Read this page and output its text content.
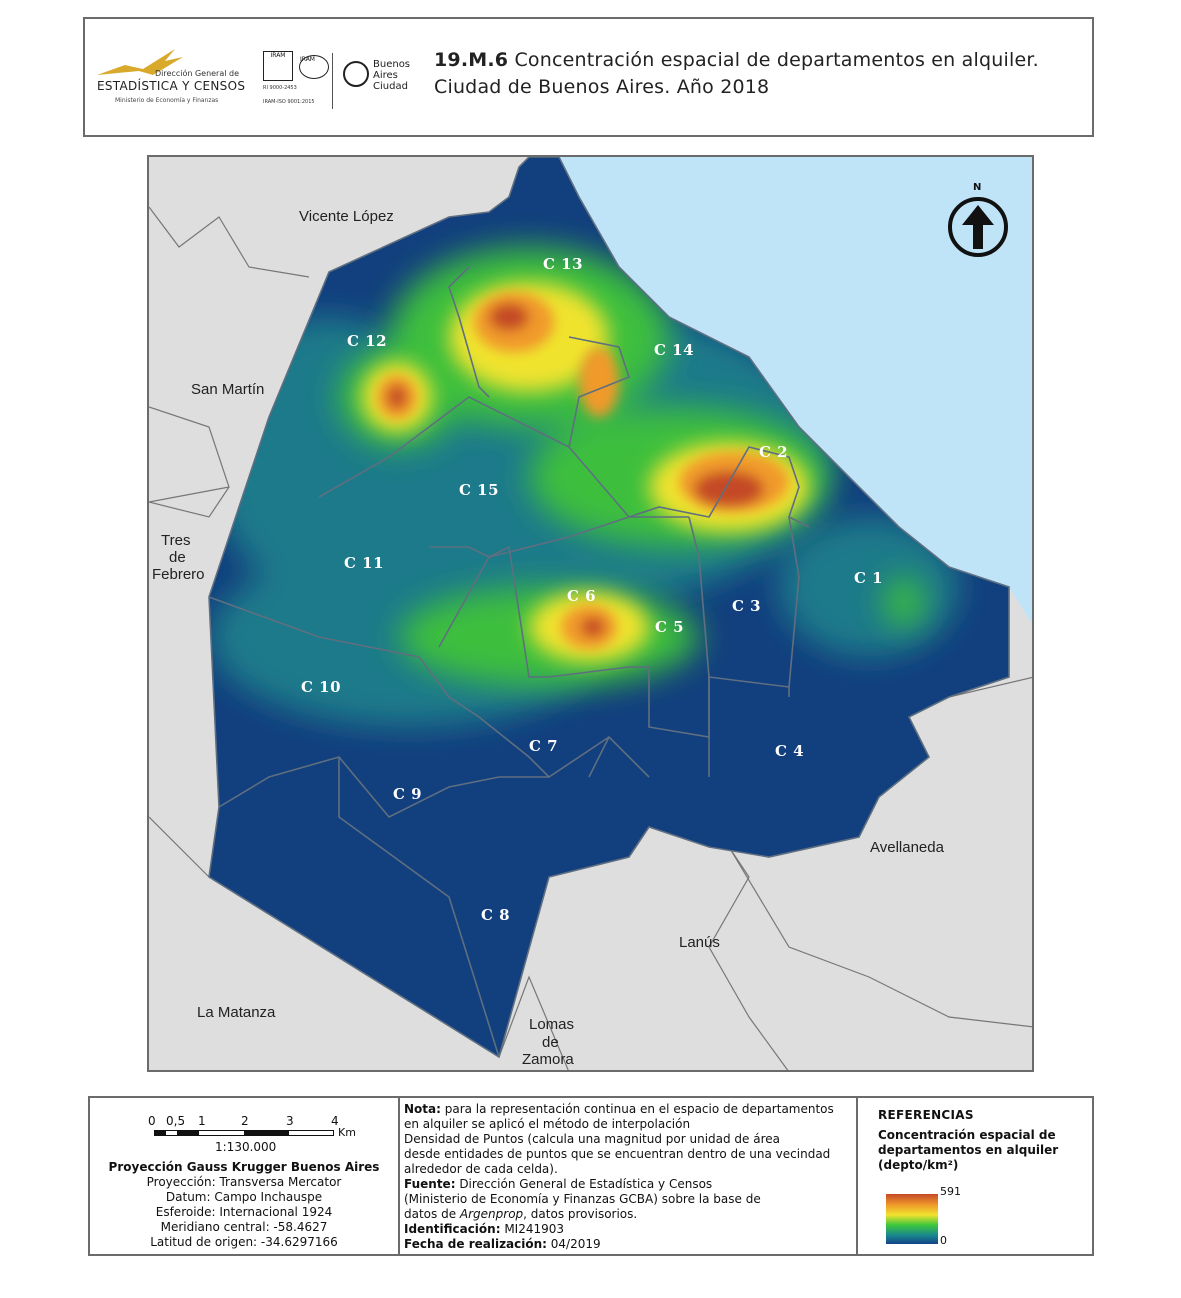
Dirección General de
ESTADÍSTICA Y CENSOS
Ministerio de Economía y Finanzas
IRAM
IRAM
RI 9000-2453
IRAM-ISO 9001:2015
Buenos
Aires
Ciudad
19.M.6 Concentración espacial de departamentos en alquiler.
Ciudad de Buenos Aires. Año 2018
Vicente López
San Martín
Tres
de
Febrero
La Matanza
Lomas
de
Zamora
Lanús
Avellaneda
C 1
C 2
C 3
C 4
C 5
C 6
C 7
C 8
C 9
C 10
C 11
C 12
C 13
C 14
C 15
N
0 0,5 1	2	3	4
Km
1:130.000
Proyección Gauss Krugger Buenos Aires
Proyección: Transversa Mercator
Datum: Campo Inchauspe
Esferoide: Internacional 1924
Meridiano central: -58.4627
Latitud de origen: -34.6297166
Nota: para la representación continua en el espacio de departamentos
en alquiler se aplicó el método de interpolación
Densidad de Puntos (calcula una magnitud por unidad de área
desde entidades de puntos que se encuentran dentro de una vecindad
alrededor de cada celda).
Fuente: Dirección General de Estadística y Censos
(Ministerio de Economía y Finanzas GCBA) sobre la base de
datos de Argenprop, datos provisorios.
Identificación: MI241903
Fecha de realización: 04/2019
REFERENCIAS
Concentración espacial de departamentos en alquiler (depto/km²)
591
0
